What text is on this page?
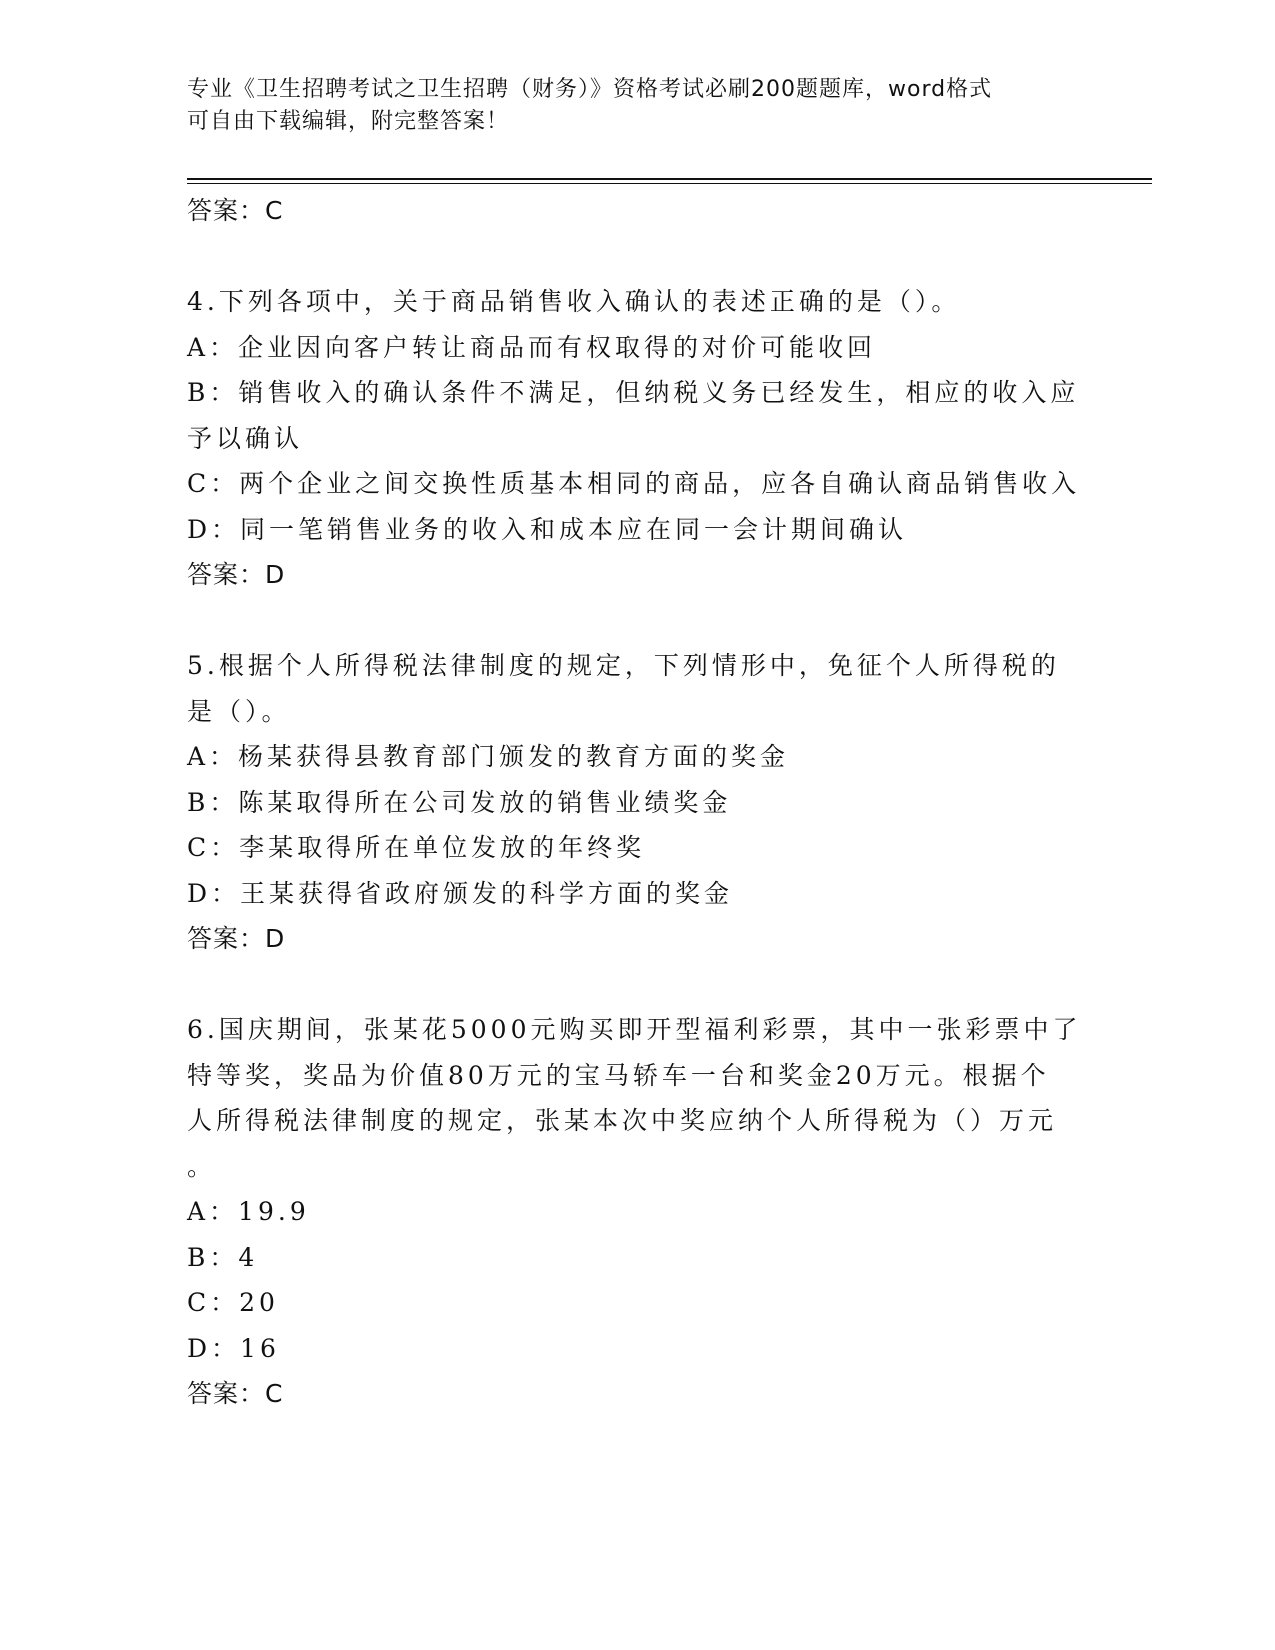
专业《卫生招聘考试之卫生招聘（财务）》资格考试必刷200题题库，word格式
可自由下载编辑，附完整答案！
答案：C

4.下列各项中，关于商品销售收入确认的表述正确的是（）。

A：企业因向客户转让商品而有权取得的对价可能收回

B：销售收入的确认条件不满足，但纳税义务已经发生，相应的收入应

予以确认

C：两个企业之间交换性质基本相同的商品，应各自确认商品销售收入

D：同一笔销售业务的收入和成本应在同一会计期间确认

答案：D

5.根据个人所得税法律制度的规定，下列情形中，免征个人所得税的

是（）。

A：杨某获得县教育部门颁发的教育方面的奖金

B：陈某取得所在公司发放的销售业绩奖金

C：李某取得所在单位发放的年终奖

D：王某获得省政府颁发的科学方面的奖金

答案：D

6.国庆期间，张某花5000元购买即开型福利彩票，其中一张彩票中了

特等奖，奖品为价值80万元的宝马轿车一台和奖金20万元。根据个

人所得税法律制度的规定，张某本次中奖应纳个人所得税为（）万元

。

A：19.9

B：4

C：20

D：16

答案：C
